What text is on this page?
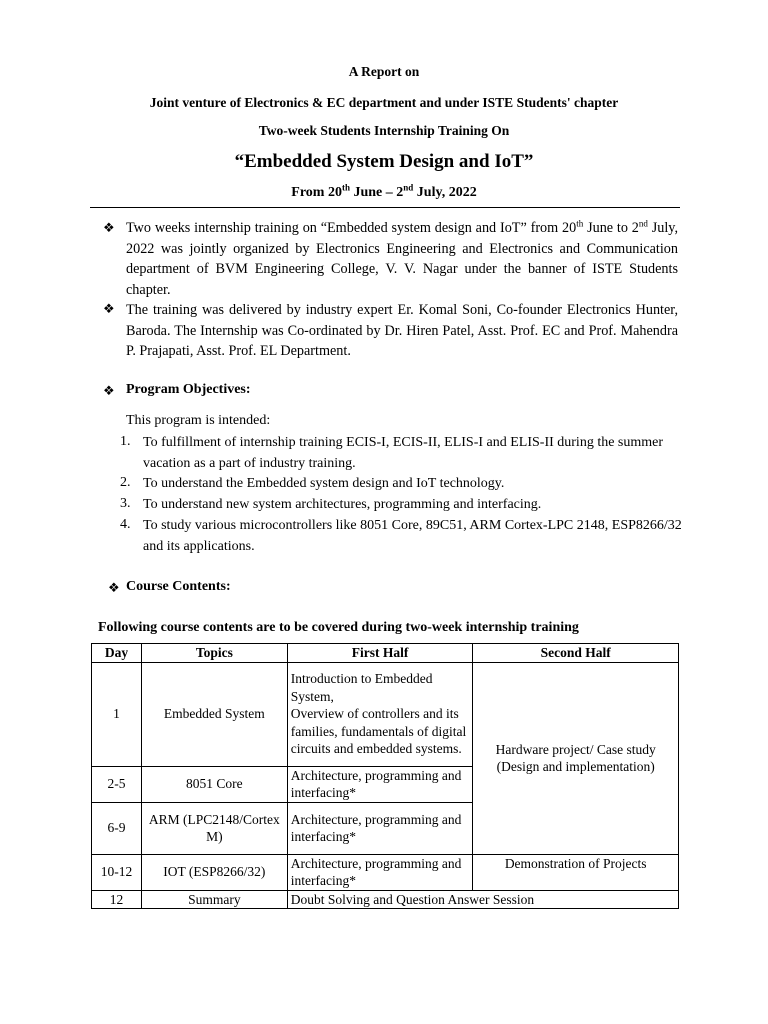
A Report on
Joint venture of Electronics & EC department and under ISTE Students' chapter
Two-week Students Internship Training On
“Embedded System Design and IoT”
From 20th June – 2nd July, 2022
❖ Two weeks internship training on “Embedded system design and IoT” from 20th June to 2nd July, 2022 was jointly organized by Electronics Engineering and Electronics and Communication department of BVM Engineering College, V. V. Nagar under the banner of ISTE Students chapter.
❖ The training was delivered by industry expert Er. Komal Soni, Co-founder Electronics Hunter, Baroda. The Internship was Co-ordinated by Dr. Hiren Patel, Asst. Prof. EC and Prof. Mahendra P. Prajapati, Asst. Prof. EL Department.
❖ Program Objectives:
This program is intended:
1. To fulfillment of internship training ECIS-I, ECIS-II, ELIS-I and ELIS-II during the summer vacation as a part of industry training.
2. To understand the Embedded system design and IoT technology.
3. To understand new system architectures, programming and interfacing.
4. To study various microcontrollers like 8051 Core, 89C51, ARM Cortex-LPC 2148, ESP8266/32 and its applications.
❖ Course Contents:
Following course contents are to be covered during two-week internship training
Day	Topics	First Half	Second Half
1	Embedded System	Introduction to Embedded System,
Overview of controllers and its families, fundamentals of digital circuits and embedded systems.	Hardware project/ Case study (Design and implementation)
2-5	8051 Core	Architecture, programming and interfacing*	
6-9	ARM (LPC2148/Cortex M)	Architecture, programming and interfacing*	
10-12	IOT (ESP8266/32)	Architecture, programming and interfacing*	Demonstration of Projects
12	Summary	Doubt Solving and Question Answer Session	
